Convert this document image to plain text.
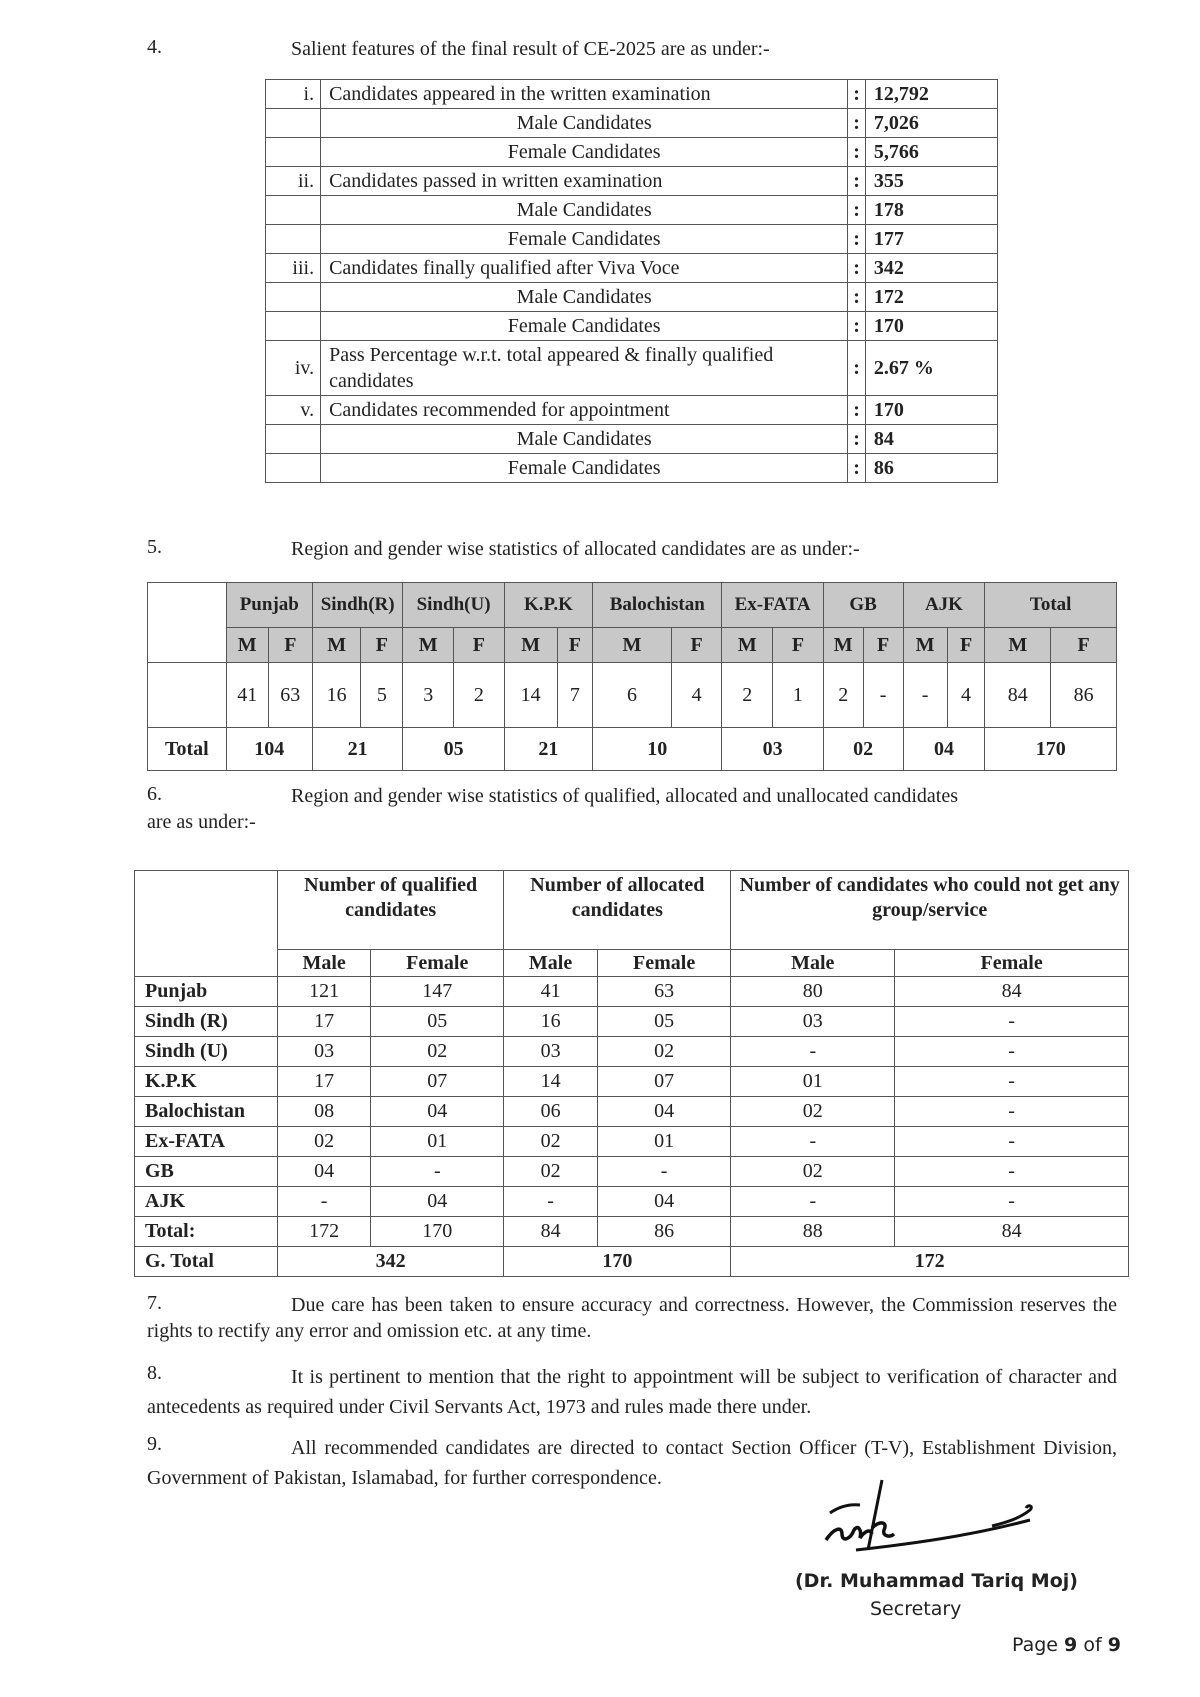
4.	Salient features of the final result of CE-2025 are as under:-
i.	Candidates appeared in the written examination	:	12,792
	Male Candidates	:	7,026
	Female Candidates	:	5,766
ii.	Candidates passed in written examination	:	355
	Male Candidates	:	178
	Female Candidates	:	177
iii.	Candidates finally qualified after Viva Voce	:	342
	Male Candidates	:	172
	Female Candidates	:	170
iv.	Pass Percentage w.r.t. total appeared & finally qualified candidates	:	2.67 %
v.	Candidates recommended for appointment	:	170
	Male Candidates	:	84
	Female Candidates	:	86
5.	Region and gender wise statistics of allocated candidates are as under:-
	Punjab		Sindh(R)		Sindh(U)		K.P.K		Balochistan		Ex-FATA		GB		AJK		Total	
	M	F	M	F	M	F	M	F	M	F	M	F	M	F	M	F	M	F
	41	63	16	5	3	2	14	7	6	4	2	1	2	-	-	4	84	86
Total	104		21		05		21		10		03		02		04		170	
6.	Region and gender wise statistics of qualified, allocated and unallocated candidates
are as under:-
	Number of qualified candidates		Number of allocated candidates		Number of candidates who could not get any group/service	
	Male	Female	Male	Female	Male	Female
Punjab	121	147	41	63	80	84
Sindh (R)	17	05	16	05	03	-
Sindh (U)	03	02	03	02	-	-
K.P.K	17	07	14	07	01	-
Balochistan	08	04	06	04	02	-
Ex-FATA	02	01	02	01	-	-
GB	04	-	02	-	02	-
AJK	-	04	-	04	-	-
Total:	172	170	84	86	88	84
G. Total	342		170		172	
7.	Due care has been taken to ensure accuracy and correctness. However, the Commission reserves the rights to rectify any error and omission etc. at any time.
8.	It is pertinent to mention that the right to appointment will be subject to verification of character and antecedents as required under Civil Servants Act, 1973 and rules made there under.
9.	All recommended candidates are directed to contact Section Officer (T-V), Establishment Division, Government of Pakistan, Islamabad, for further correspondence.
(Dr. Muhammad Tariq Moj)
Secretary
Page 9 of 9
